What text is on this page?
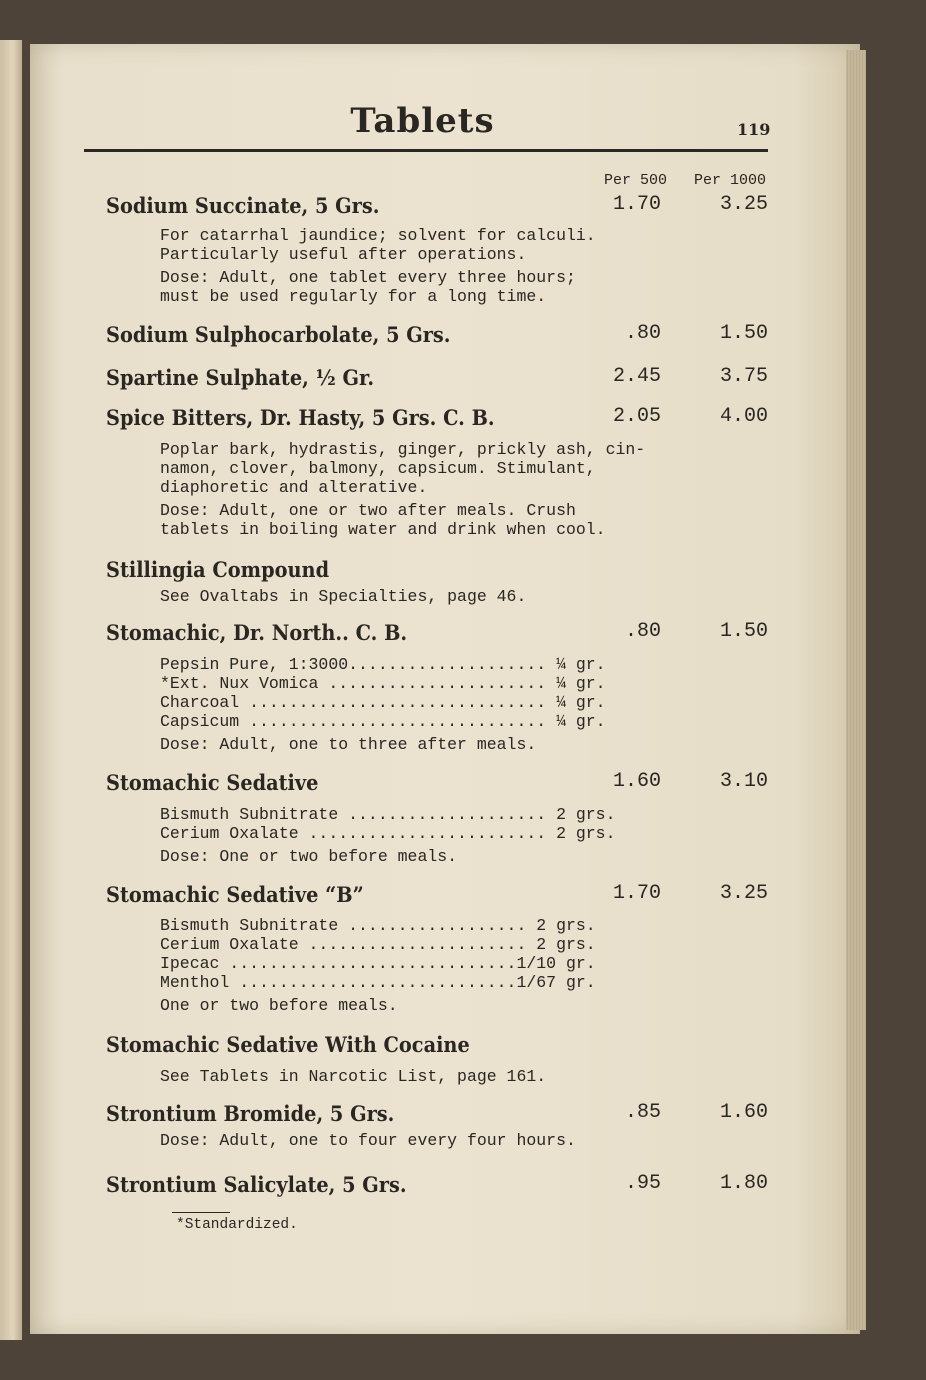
Tablets	119
Per 500 Per 1000
Sodium Succinate, 5 Grs.	1.70	3.25
For catarrhal jaundice; solvent for calculi.
Particularly useful after operations.
Dose: Adult, one tablet every three hours;
must be used regularly for a long time.
Sodium Sulphocarbolate, 5 Grs.	.80	1.50
Spartine Sulphate, ½ Gr.	2.45	3.75
Spice Bitters, Dr. Hasty, 5 Grs. C. B.	2.05	4.00
Poplar bark, hydrastis, ginger, prickly ash, cin-
namon, clover, balmony, capsicum. Stimulant,
diaphoretic and alterative.
Dose: Adult, one or two after meals. Crush
tablets in boiling water and drink when cool.
Stillingia Compound
See Ovaltabs in Specialties, page 46.
Stomachic, Dr. North.. C. B.	.80	1.50
Pepsin Pure, 1:3000.................... ¼ gr.
*Ext. Nux Vomica ...................... ¼ gr.
Charcoal .............................. ¼ gr.
Capsicum .............................. ¼ gr.
Dose: Adult, one to three after meals.
Stomachic Sedative	1.60	3.10
Bismuth Subnitrate .................... 2 grs.
Cerium Oxalate ........................ 2 grs.
Dose: One or two before meals.
Stomachic Sedative “B”	1.70	3.25
Bismuth Subnitrate .................. 2 grs.
Cerium Oxalate ...................... 2 grs.
Ipecac .............................1/10 gr.
Menthol ............................1/67 gr.
One or two before meals.
Stomachic Sedative With Cocaine
See Tablets in Narcotic List, page 161.
Strontium Bromide, 5 Grs.	.85	1.60
Dose: Adult, one to four every four hours.
Strontium Salicylate, 5 Grs.	.95	1.80
*Standardized.
